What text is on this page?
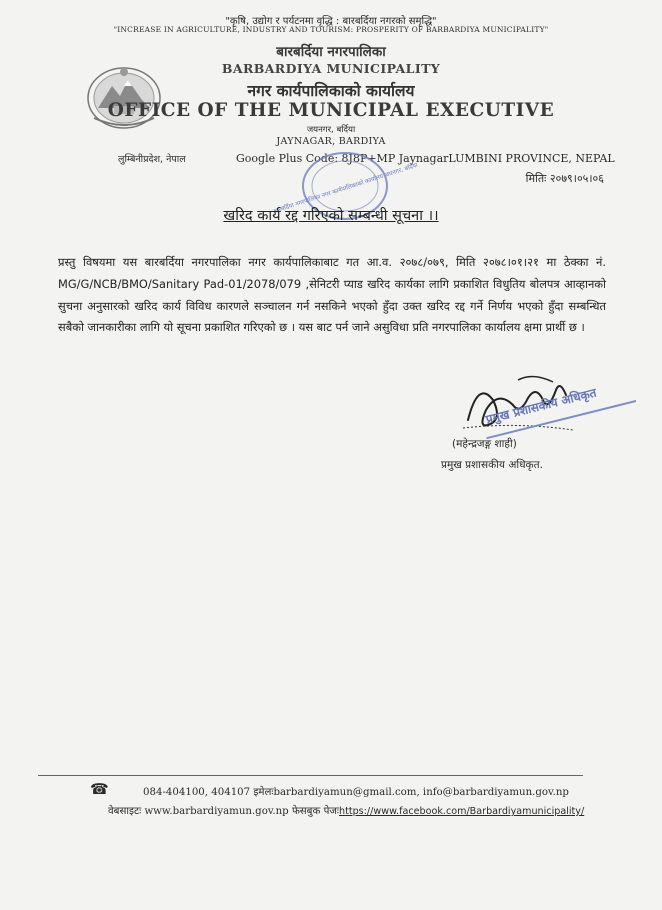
"कृषि, उद्योग र पर्यटनमा वृद्धि : बारबर्दिया नगरको समृद्धि"
"INCREASE IN AGRICULTURE, INDUSTRY AND TOURISM: PROSPERITY OF BARBARDIYA MUNICIPALITY"
बारबर्दिया नगरपालिका
BARBARDIYA MUNICIPALITY
नगर कार्यपालिकाको कार्यालय
OFFICE OF THE MUNICIPAL EXECUTIVE
जयनगर, बर्दिया
JAYNAGAR, BARDIYA
लुम्बिनीप्रदेश, नेपाल	Google Plus Code: 8J8P+MP JaynagarLUMBINI PROVINCE, NEPAL
मितिः २०७९।०५।०६
बारबर्दिया नगरपालिका नगर कार्यपालिकाको कार्यालय जयनगर, बर्दिया
खरिद कार्य रद्द गरिएको सम्बन्धी सूचना ।।
प्रस्तु विषयमा यस बारबर्दिया नगरपालिका नगर कार्यपालिकाबाट गत आ.व. २०७८/०७९, मिति २०७८।०१।२१ मा ठेक्का नं. MG/G/NCB/BMO/Sanitary Pad-01/2078/079 ,सेनिटरी प्याड खरिद कार्यका लागि प्रकाशित विधुतिय बोलपत्र आव्हानको सुचना अनुसारको खरिद कार्य विविध कारणले सञ्चालन गर्न नसकिने भएको हुँदा उक्त खरिद रद्द गर्ने निर्णय भएको हुँदा सम्बन्धित सबैको जानकारीका लागि यो सूचना प्रकाशित गरिएको छ । यस बाट पर्न जाने असुविधा प्रति नगरपालिका कार्यालय क्षमा प्रार्थी छ ।
(महेन्द्रजङ्ग शाही)
प्रमुख प्रशासकीय अधिकृत.
प्रमुख प्रशासकीय अधिकृत
☎	084-404100, 404107 इमेलःbarbardiyamun@gmail.com, info@barbardiyamun.gov.np
वेबसाइटः www.barbardiyamun.gov.np फेसबुक पेजःhttps://www.facebook.com/Barbardiyamunicipality/
